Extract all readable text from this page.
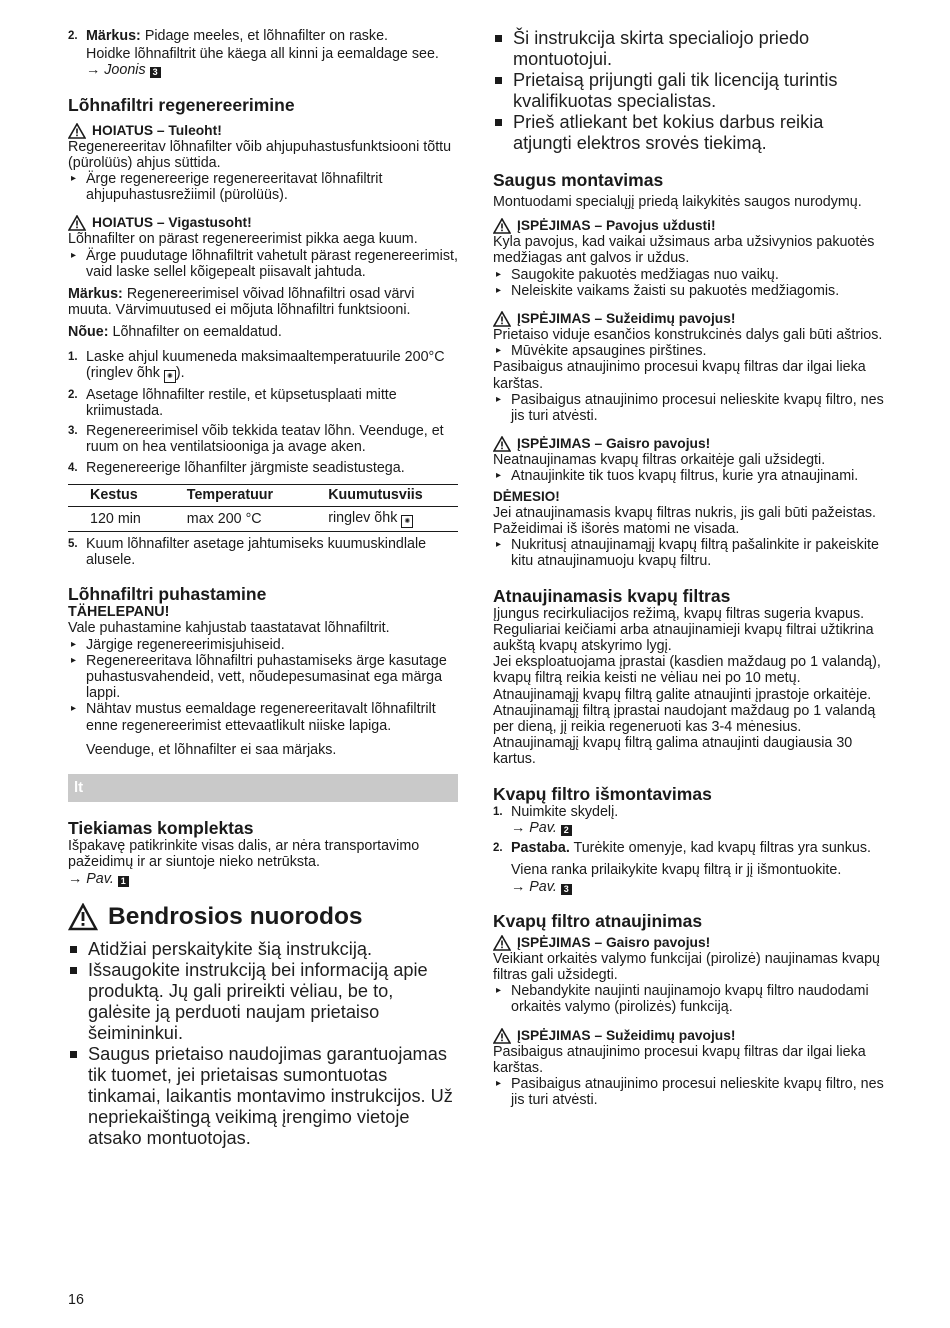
2. Märkus: Pidage meeles, et lõhnafilter on raske.
Hoidke lõhnafiltrit ühe käega all kinni ja eemaldage see.
→ Joonis 3
Lõhnafiltri regenereerimine
HOIATUS – Tuleoht!
Regenereeritav lõhnafilter võib ahjupuhastusfunktsiooni tõttu (pürolüüs) ahjus süttida.
▸ Ärge regenereerige regenereeritavat lõhnafiltrit ahjupuhastusrežiimil (pürolüüs).
HOIATUS – Vigastusoht!
Lõhnafilter on pärast regenereerimist pikka aega kuum.
▸ Ärge puudutage lõhnafiltrit vahetult pärast regenereerimist, vaid laske sellel kõigepealt piisavalt jahtuda.
Märkus: Regenereerimisel võivad lõhnafiltri osad värvi muuta. Värvimuutused ei mõjuta lõhnafiltri funktsiooni.
Nõue: Lõhnafilter on eemaldatud.
1. Laske ahjul kuumeneda maksimaaltemperatuurile 200°C (ringlev õhk ✺ ).
2. Asetage lõhnafilter restile, et küpsetusplaati mitte kriimustada.
3. Regenereerimisel võib tekkida teatav lõhn. Veenduge, et ruum on hea ventilatsiooniga ja avage aken.
4. Regenereerige lõhanfilter järgmiste seadistustega.
Kestus	Temperatuur	Kuumutusviis
120 min	max 200 °C	ringlev õhk ✺
5. Kuum lõhnafilter asetage jahtumiseks kuumuskindlale alusele.
Lõhnafiltri puhastamine
TÄHELEPANU!
Vale puhastamine kahjustab taastatavat lõhnafiltrit.
▸ Järgige regenereerimisjuhiseid.
▸ Regenereeritava lõhnafiltri puhastamiseks ärge kasutage puhastusvahendeid, vett, nõudepesumasinat ega märga lappi.
▸ Nähtav mustus eemaldage regenereeritavalt lõhnafiltrilt enne regenereerimist ettevaatlikult niiske lapiga.
Veenduge, et lõhnafilter ei saa märjaks.
lt
Tiekiamas komplektas
Išpakavę patikrinkite visas dalis, ar nėra transportavimo pažeidimų ir ar siuntoje nieko netrūksta.
→ Pav. 1
Bendrosios nuorodos
Atidžiai perskaitykite šią instrukciją.
Išsaugokite instrukciją bei informaciją apie produktą. Jų gali prireikti vėliau, be to, galėsite ją perduoti naujam prietaiso šeimininkui.
Saugus prietaiso naudojimas garantuojamas tik tuomet, jei prietaisas sumontuotas tinkamai, laikantis montavimo instrukcijos. Už nepriekaištingą veikimą įrengimo vietoje atsako montuotojas.
Ši instrukcija skirta specialiojo priedo montuotojui.
Prietaisą prijungti gali tik licenciją turintis kvalifikuotas specialistas.
Prieš atliekant bet kokius darbus reikia atjungti elektros srovės tiekimą.
Saugus montavimas
Montuodami specialųjį priedą laikykitės saugos nurodymų.
ĮSPĖJIMAS – Pavojus uždusti!
Kyla pavojus, kad vaikai užsimaus arba užsivynios pakuotės medžiagas ant galvos ir uždus.
▸ Saugokite pakuotės medžiagas nuo vaikų.
▸ Neleiskite vaikams žaisti su pakuotės medžiagomis.
ĮSPĖJIMAS – Sužeidimų pavojus!
Prietaiso viduje esančios konstrukcinės dalys gali būti aštrios.
▸ Mūvėkite apsaugines pirštines.
Pasibaigus atnaujinimo procesui kvapų filtras dar ilgai lieka karštas.
▸ Pasibaigus atnaujinimo procesui nelieskite kvapų filtro, nes jis turi atvėsti.
ĮSPĖJIMAS – Gaisro pavojus!
Neatnaujinamas kvapų filtras orkaitėje gali užsidegti.
▸ Atnaujinkite tik tuos kvapų filtrus, kurie yra atnaujinami.
DĖMESIO!
Jei atnaujinamasis kvapų filtras nukris, jis gali būti pažeistas. Pažeidimai iš išorės matomi ne visada.
▸ Nukritusį atnaujinamąjį kvapų filtrą pašalinkite ir pakeiskite kitu atnaujinamuoju kvapų filtru.
Atnaujinamasis kvapų filtras
Įjungus recirkuliacijos režimą, kvapų filtras sugeria kvapus. Reguliariai keičiami arba atnaujinamieji kvapų filtrai užtikrina aukštą kvapų atskyrimo lygį.
Jei eksploatuojama įprastai (kasdien maždaug po 1 valandą), kvapų filtrą reikia keisti ne vėliau nei po 10 metų.
Atnaujinamąjį kvapų filtrą galite atnaujinti įprastoje orkaitėje.
Atnaujinamąjį filtrą įprastai naudojant maždaug po 1 valandą per dieną, jį reikia regeneruoti kas 3-4 mėnesius. Atnaujinamąjį kvapų filtrą galima atnaujinti daugiausia 30 kartus.
Kvapų filtro išmontavimas
1. Nuimkite skydelį.
→ Pav. 2
2. Pastaba. Turėkite omenyje, kad kvapų filtras yra sunkus.
Viena ranka prilaikykite kvapų filtrą ir jį išmontuokite.
→ Pav. 3
Kvapų filtro atnaujinimas
ĮSPĖJIMAS – Gaisro pavojus!
Veikiant orkaitės valymo funkcijai (pirolizė) naujinamas kvapų filtras gali užsidegti.
▸ Nebandykite naujinti naujinamojo kvapų filtro naudodami orkaitės valymo (pirolizės) funkciją.
ĮSPĖJIMAS – Sužeidimų pavojus!
Pasibaigus atnaujinimo procesui kvapų filtras dar ilgai lieka karštas.
▸ Pasibaigus atnaujinimo procesui nelieskite kvapų filtro, nes jis turi atvėsti.
16
